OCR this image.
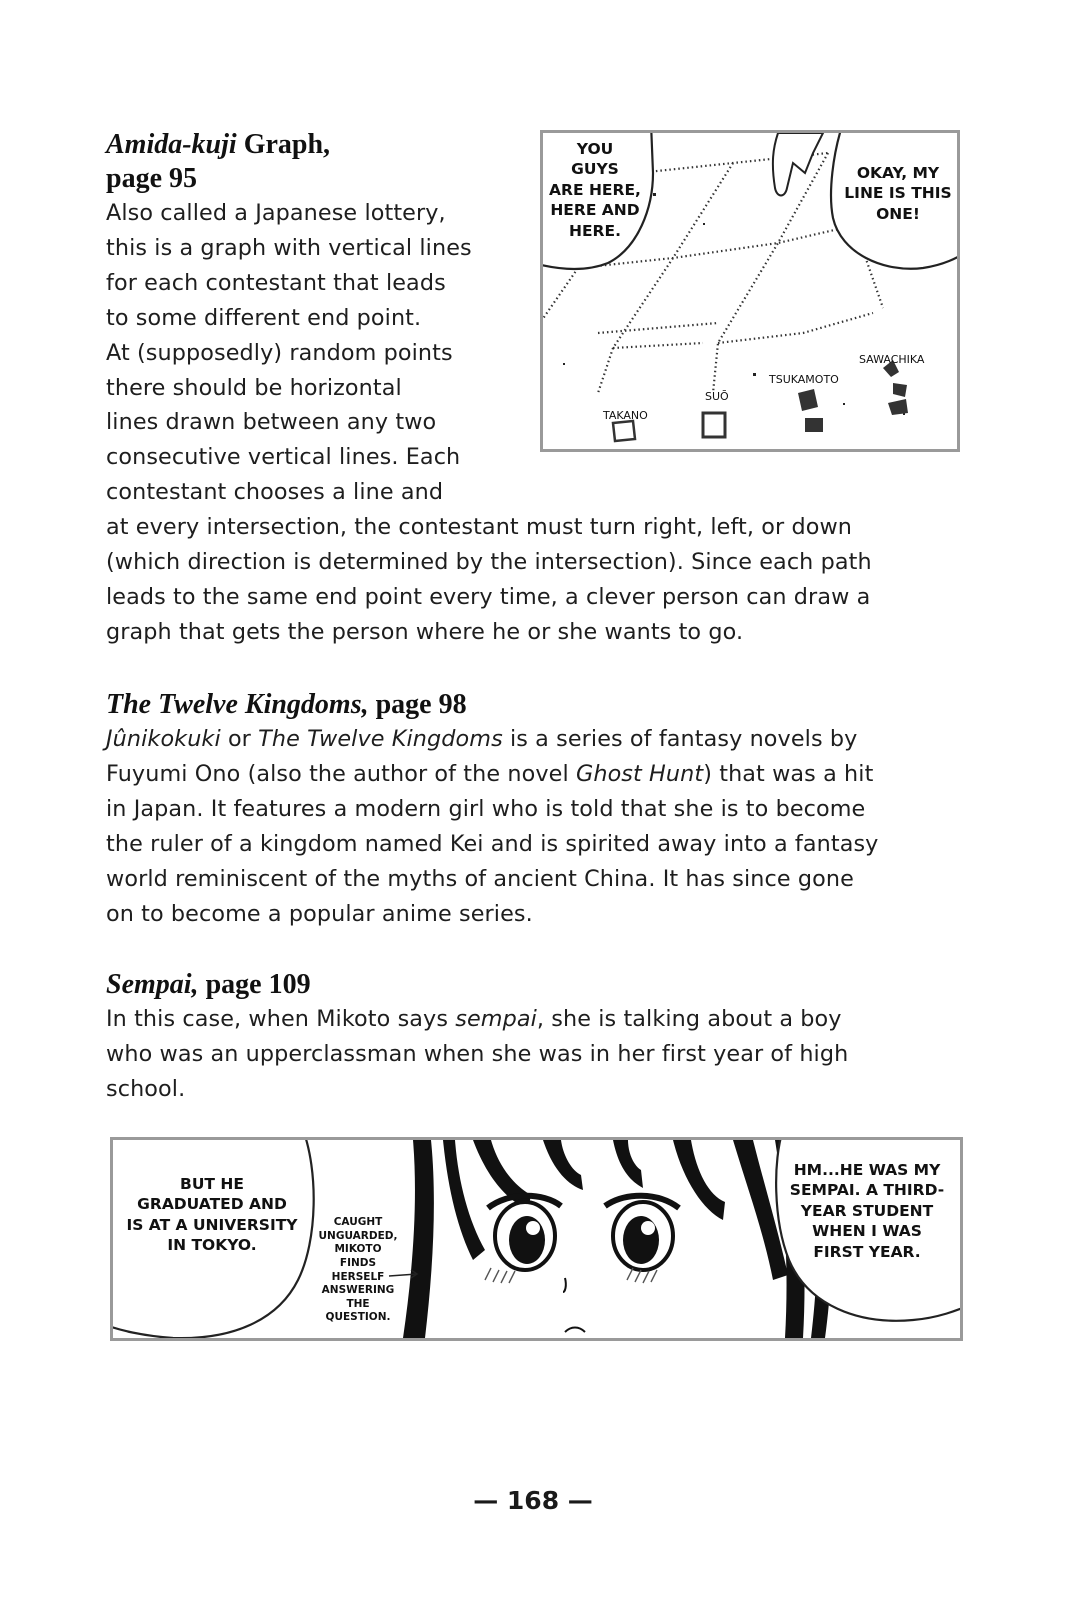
Amida-kuji Graph,
page 95

Also called a Japanese lottery,
this is a graph with vertical lines
for each contestant that leads
to some different end point.
At (supposedly) random points
there should be horizontal
lines drawn between any two
consecutive vertical lines. Each
contestant chooses a line and
at every intersection, the contestant must turn right, left, or down
(which direction is determined by the intersection). Since each path
leads to the same end point every time, a clever person can draw a
graph that gets the person where he or she wants to go.

YOU
GUYS
ARE HERE,
HERE AND
HERE.
OKAY, MY
LINE IS THIS
ONE!
SAWACHIKA
TSUKAMOTO
SUŌ
TAKANO
The Twelve Kingdoms, page 98

Jûnikokuki or The Twelve Kingdoms is a series of fantasy novels by
Fuyumi Ono (also the author of the novel Ghost Hunt) that was a hit
in Japan. It features a modern girl who is told that she is to become
the ruler of a kingdom named Kei and is spirited away into a fantasy
world reminiscent of the myths of ancient China. It has since gone
on to become a popular anime series.

Sempai, page 109

In this case, when Mikoto says sempai, she is talking about a boy
who was an upperclassman when she was in her first year of high
school.

BUT HE
GRADUATED AND
IS AT A UNIVERSITY
IN TOKYO.
CAUGHT
UNGUARDED,
MIKOTO
FINDS
HERSELF
ANSWERING
THE
QUESTION.
HM...HE WAS MY
SEMPAI. A THIRD-
YEAR STUDENT
WHEN I WAS
FIRST YEAR.
— 168 —
